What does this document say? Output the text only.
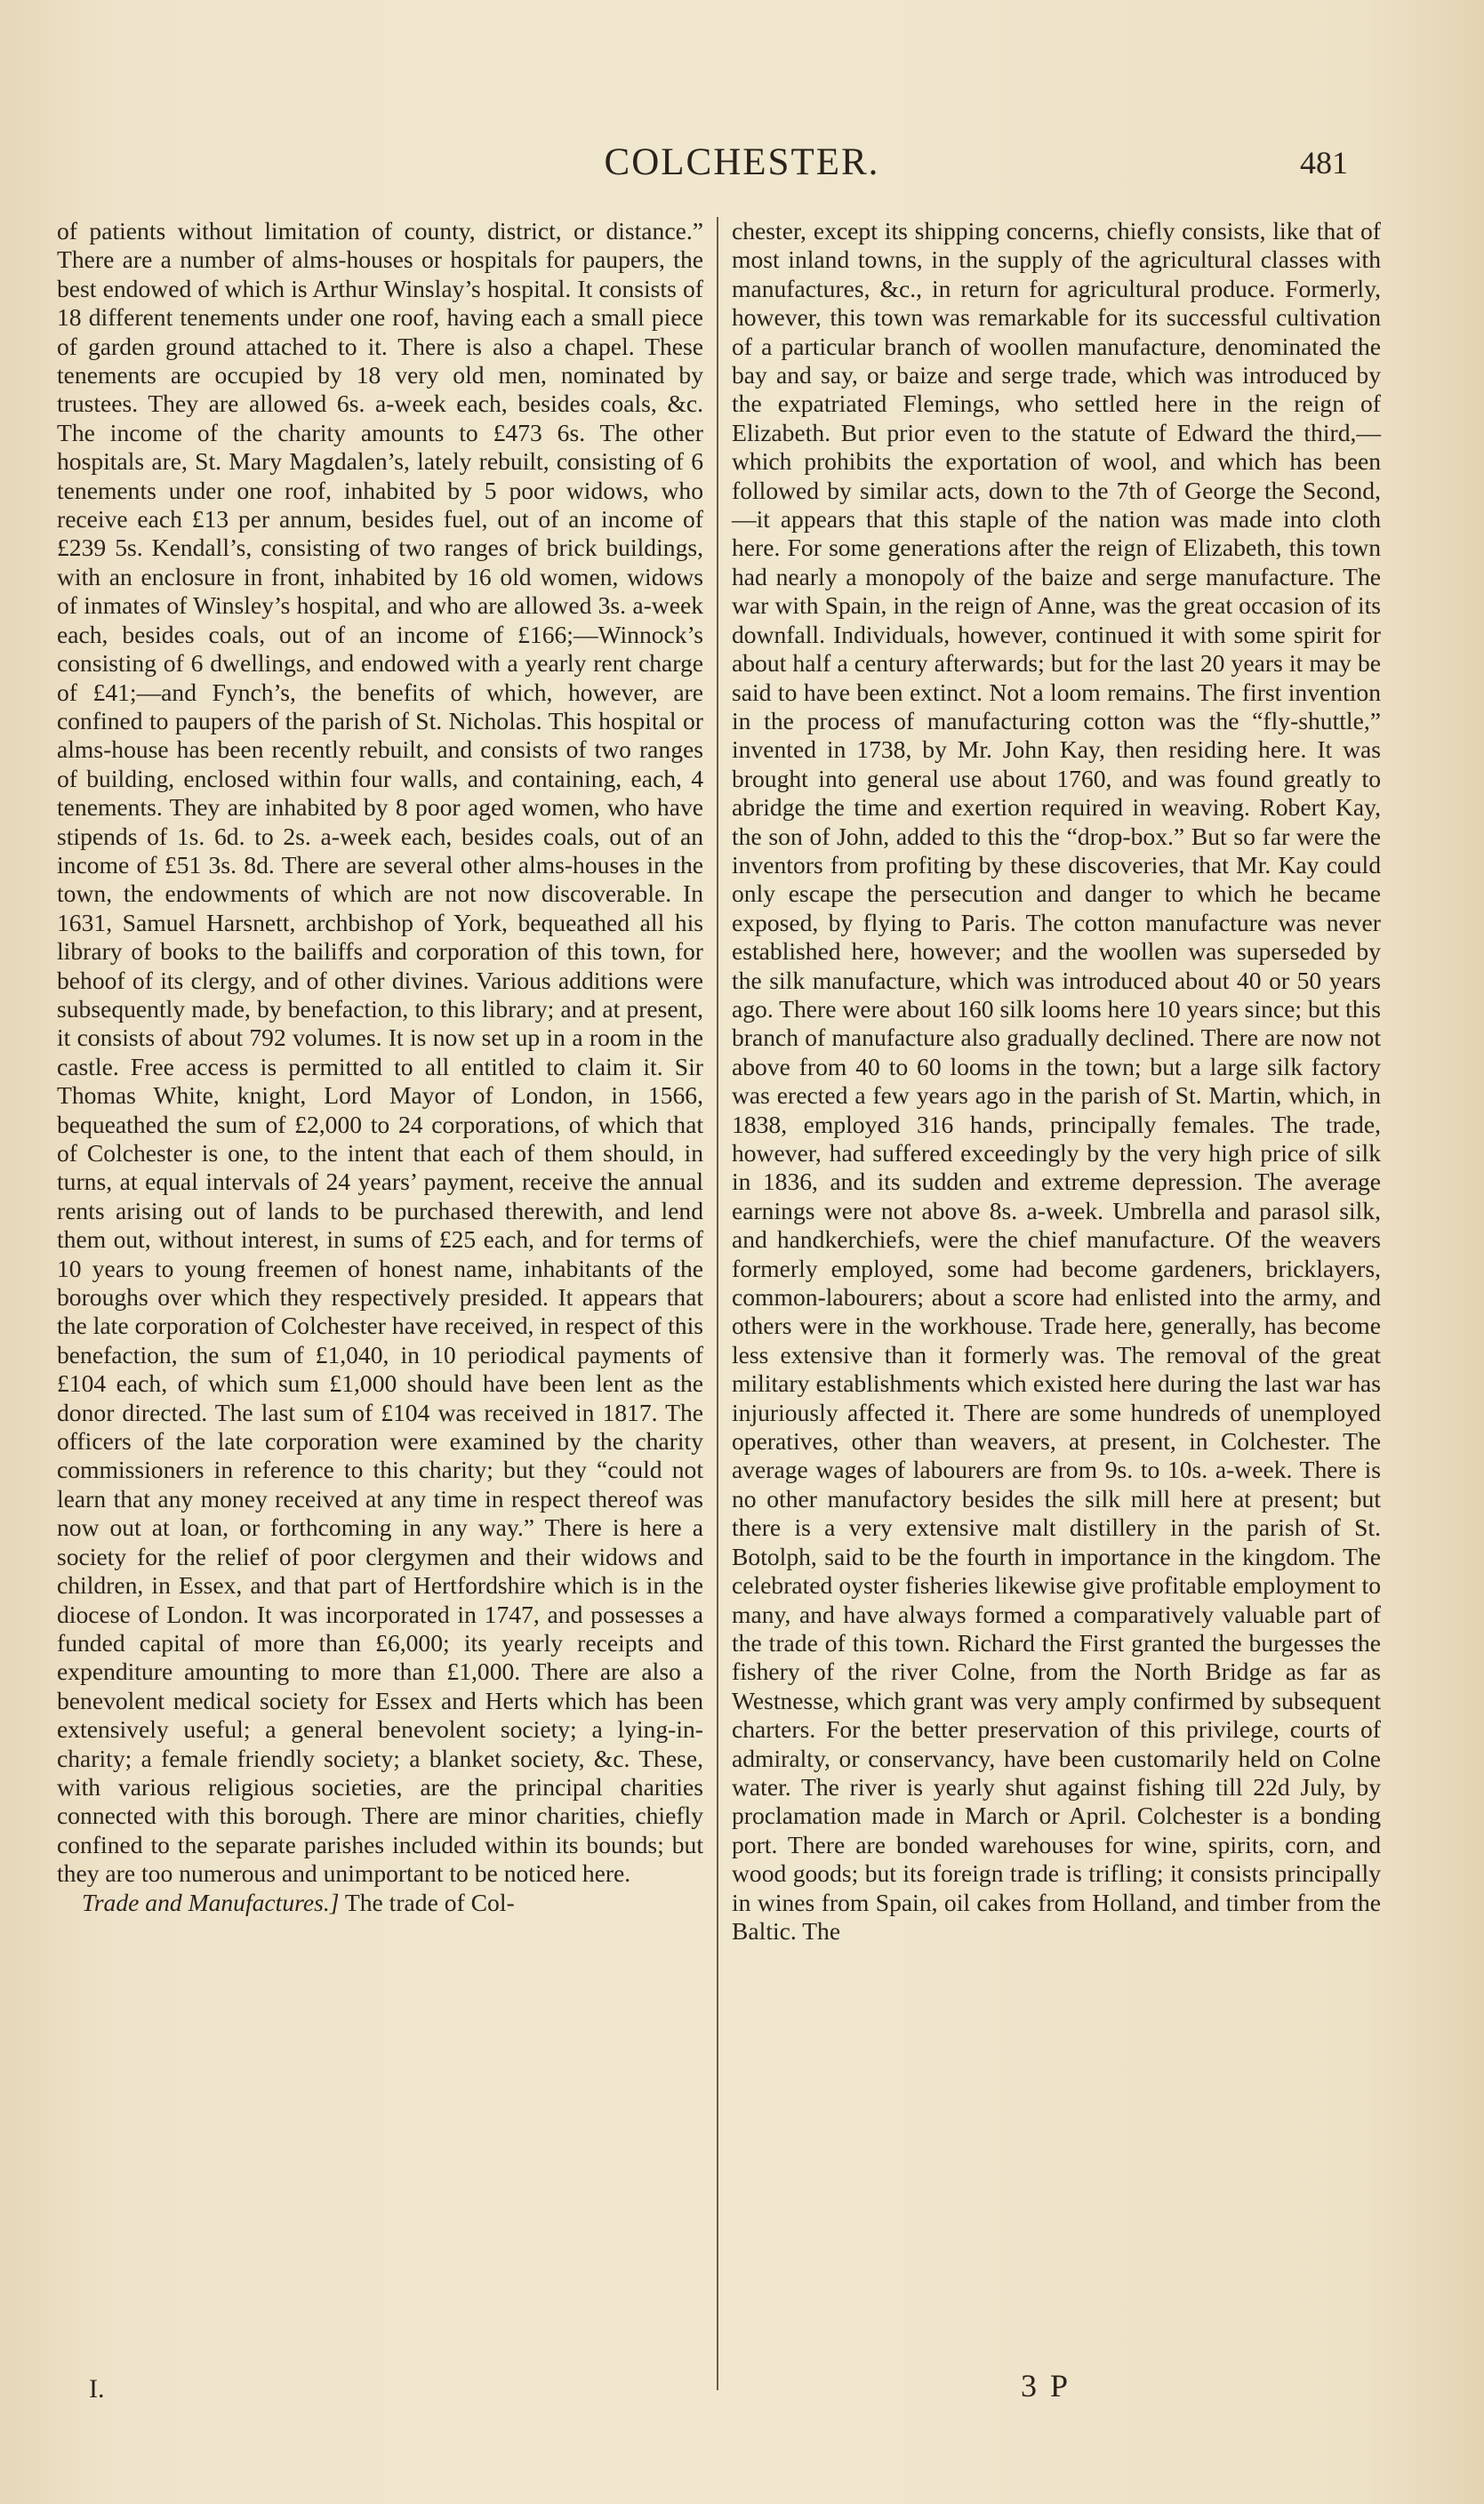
COLCHESTER.	481

of patients without limitation of county, district, or distance.” There are a number of alms-houses or hospitals for paupers, the best endowed of which is Arthur Winslay’s hospital. It consists of 18 different tenements under one roof, having each a small piece of garden ground attached to it. There is also a chapel. These tenements are occupied by 18 very old men, nominated by trustees. They are allowed 6s. a-week each, besides coals, &c. The income of the charity amounts to £473 6s. The other hospitals are, St. Mary Magdalen’s, lately rebuilt, consisting of 6 tenements under one roof, inhabited by 5 poor widows, who receive each £13 per annum, besides fuel, out of an income of £239 5s. Kendall’s, consisting of two ranges of brick buildings, with an enclosure in front, inhabited by 16 old women, widows of inmates of Winsley’s hospital, and who are allowed 3s. a-week each, besides coals, out of an income of £166;—Winnock’s consisting of 6 dwellings, and endowed with a yearly rent charge of £41;—and Fynch’s, the benefits of which, however, are confined to paupers of the parish of St. Nicholas. This hospital or alms-house has been recently rebuilt, and consists of two ranges of building, enclosed within four walls, and containing, each, 4 tenements. They are inhabited by 8 poor aged women, who have stipends of 1s. 6d. to 2s. a-week each, besides coals, out of an income of £51 3s. 8d. There are several other alms-houses in the town, the endowments of which are not now discoverable. In 1631, Samuel Harsnett, archbishop of York, bequeathed all his library of books to the bailiffs and corporation of this town, for behoof of its clergy, and of other divines. Various additions were subsequently made, by benefaction, to this library; and at present, it consists of about 792 volumes. It is now set up in a room in the castle. Free access is permitted to all entitled to claim it. Sir Thomas White, knight, Lord Mayor of London, in 1566, bequeathed the sum of £2,000 to 24 corporations, of which that of Colchester is one, to the intent that each of them should, in turns, at equal intervals of 24 years’ payment, receive the annual rents arising out of lands to be purchased therewith, and lend them out, without interest, in sums of £25 each, and for terms of 10 years to young freemen of honest name, inhabitants of the boroughs over which they respectively presided. It appears that the late corporation of Colchester have received, in respect of this benefaction, the sum of £1,040, in 10 periodical payments of £104 each, of which sum £1,000 should have been lent as the donor directed. The last sum of £104 was received in 1817. The officers of the late corporation were examined by the charity commissioners in reference to this charity; but they “could not learn that any money received at any time in respect thereof was now out at loan, or forthcoming in any way.” There is here a society for the relief of poor clergymen and their widows and children, in Essex, and that part of Hertfordshire which is in the diocese of London. It was incorporated in 1747, and possesses a funded capital of more than £6,000; its yearly receipts and expenditure amounting to more than £1,000. There are also a benevolent medical society for Essex and Herts which has been extensively useful; a general benevolent society; a lying-in-charity; a female friendly society; a blanket society, &c. These, with various religious societies, are the principal charities connected with this borough. There are minor charities, chiefly confined to the separate parishes included within its bounds; but they are too numerous and unimportant to be noticed here.

Trade and Manufactures.] The trade of Col-

chester, except its shipping concerns, chiefly consists, like that of most inland towns, in the supply of the agricultural classes with manufactures, &c., in return for agricultural produce. Formerly, however, this town was remarkable for its successful cultivation of a particular branch of woollen manufacture, denominated the bay and say, or baize and serge trade, which was introduced by the expatriated Flemings, who settled here in the reign of Elizabeth. But prior even to the statute of Edward the third,—which prohibits the exportation of wool, and which has been followed by similar acts, down to the 7th of George the Second,—it appears that this staple of the nation was made into cloth here. For some generations after the reign of Elizabeth, this town had nearly a monopoly of the baize and serge manufacture. The war with Spain, in the reign of Anne, was the great occasion of its downfall. Individuals, however, continued it with some spirit for about half a century afterwards; but for the last 20 years it may be said to have been extinct. Not a loom remains. The first invention in the process of manufacturing cotton was the “fly-shuttle,” invented in 1738, by Mr. John Kay, then residing here. It was brought into general use about 1760, and was found greatly to abridge the time and exertion required in weaving. Robert Kay, the son of John, added to this the “drop-box.” But so far were the inventors from profiting by these discoveries, that Mr. Kay could only escape the persecution and danger to which he became exposed, by flying to Paris. The cotton manufacture was never established here, however; and the woollen was superseded by the silk manufacture, which was introduced about 40 or 50 years ago. There were about 160 silk looms here 10 years since; but this branch of manufacture also gradually declined. There are now not above from 40 to 60 looms in the town; but a large silk factory was erected a few years ago in the parish of St. Martin, which, in 1838, employed 316 hands, principally females. The trade, however, had suffered exceedingly by the very high price of silk in 1836, and its sudden and extreme depression. The average earnings were not above 8s. a-week. Umbrella and parasol silk, and handkerchiefs, were the chief manufacture. Of the weavers formerly employed, some had become gardeners, bricklayers, common-labourers; about a score had enlisted into the army, and others were in the workhouse. Trade here, generally, has become less extensive than it formerly was. The removal of the great military establishments which existed here during the last war has injuriously affected it. There are some hundreds of unemployed operatives, other than weavers, at present, in Colchester. The average wages of labourers are from 9s. to 10s. a-week. There is no other manufactory besides the silk mill here at present; but there is a very extensive malt distillery in the parish of St. Botolph, said to be the fourth in importance in the kingdom. The celebrated oyster fisheries likewise give profitable employment to many, and have always formed a comparatively valuable part of the trade of this town. Richard the First granted the burgesses the fishery of the river Colne, from the North Bridge as far as Westnesse, which grant was very amply confirmed by subsequent charters. For the better preservation of this privilege, courts of admiralty, or conservancy, have been customarily held on Colne water. The river is yearly shut against fishing till 22d July, by proclamation made in March or April. Colchester is a bonding port. There are bonded warehouses for wine, spirits, corn, and wood goods; but its foreign trade is trifling; it consists principally in wines from Spain, oil cakes from Holland, and timber from the Baltic. The

I.	3 P
